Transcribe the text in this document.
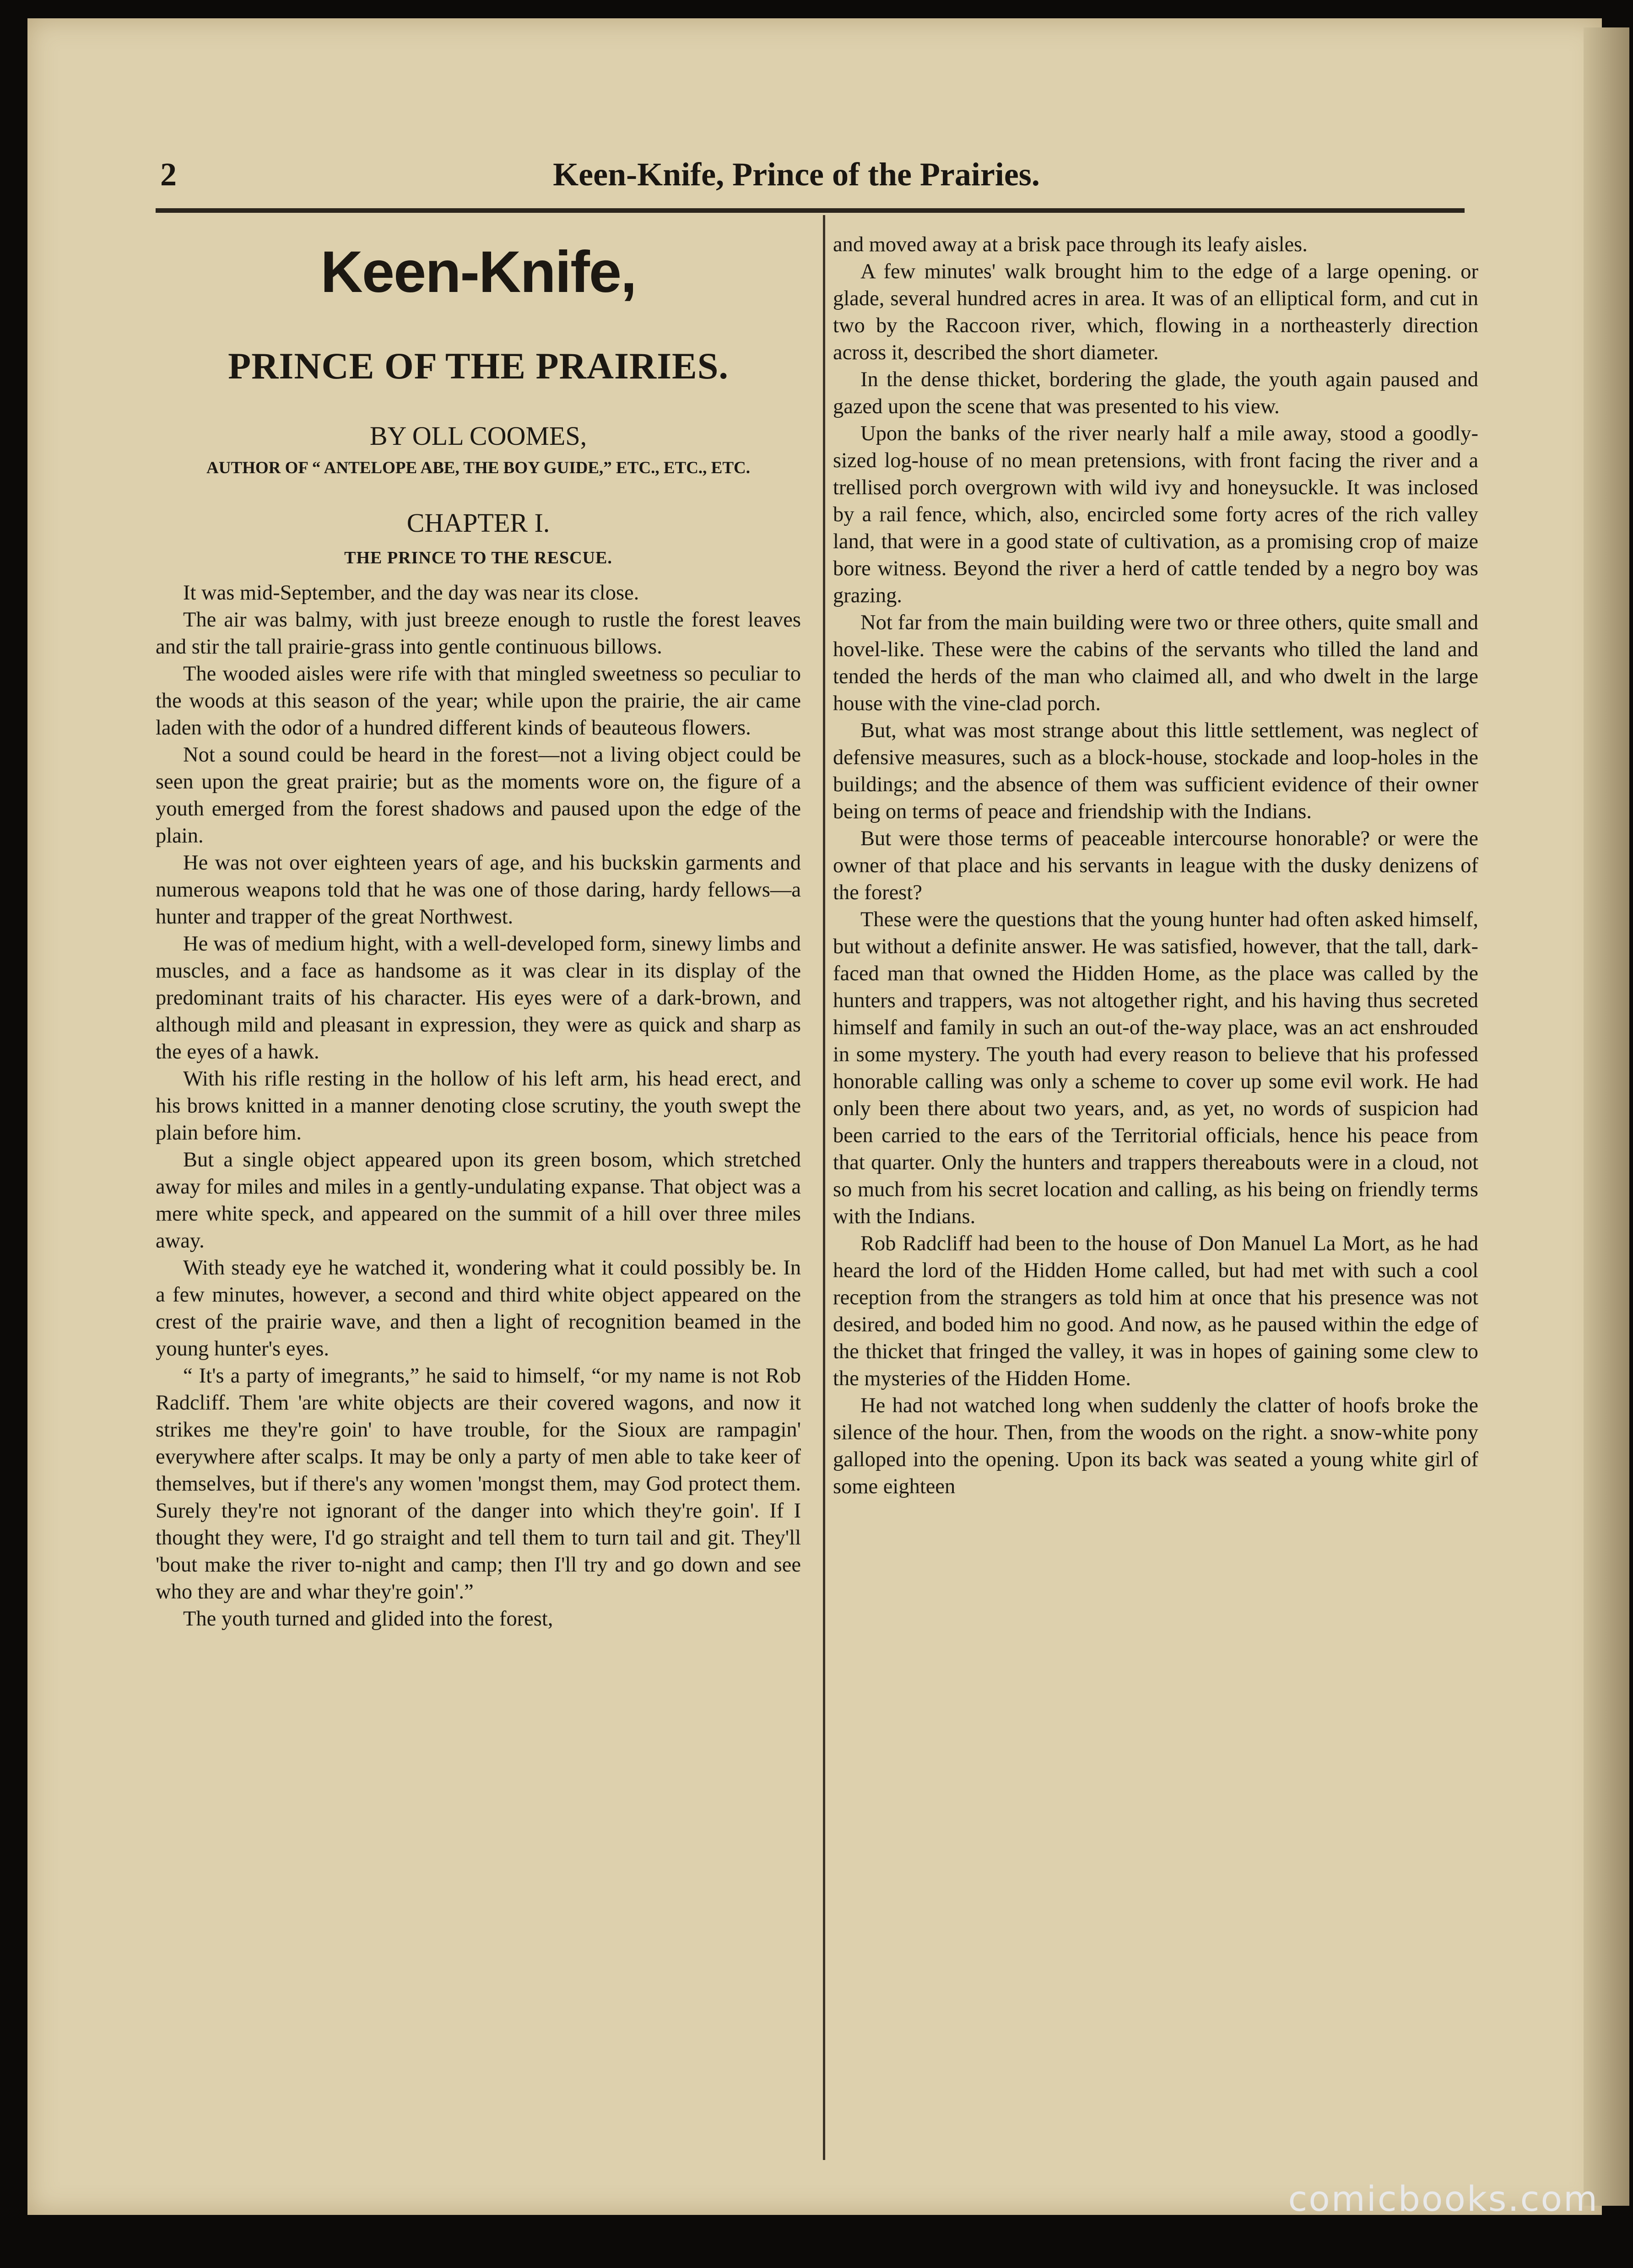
2	Keen-Knife, Prince of the Prairies.
Keen-Knife,
PRINCE OF THE PRAIRIES.
BY OLL COOMES,
AUTHOR OF “ ANTELOPE ABE, THE BOY GUIDE,” ETC., ETC., ETC.
CHAPTER I.
THE PRINCE TO THE RESCUE.

It was mid-September, and the day was near its close.

The air was balmy, with just breeze enough to rustle the forest leaves and stir the tall prairie-grass into gentle continuous billows.

The wooded aisles were rife with that mingled sweetness so peculiar to the woods at this season of the year; while upon the prairie, the air came laden with the odor of a hundred different kinds of beauteous flowers.

Not a sound could be heard in the forest—not a living object could be seen upon the great prairie; but as the moments wore on, the figure of a youth emerged from the forest shadows and paused upon the edge of the plain.

He was not over eighteen years of age, and his buckskin garments and numerous weapons told that he was one of those daring, hardy fellows—a hunter and trapper of the great Northwest.

He was of medium hight, with a well-developed form, sinewy limbs and muscles, and a face as handsome as it was clear in its display of the predominant traits of his character. His eyes were of a dark-brown, and although mild and pleasant in expression, they were as quick and sharp as the eyes of a hawk.

With his rifle resting in the hollow of his left arm, his head erect, and his brows knitted in a manner denoting close scrutiny, the youth swept the plain before him.

But a single object appeared upon its green bosom, which stretched away for miles and miles in a gently-undulating expanse. That object was a mere white speck, and appeared on the summit of a hill over three miles away.

With steady eye he watched it, wondering what it could possibly be. In a few minutes, however, a second and third white object appeared on the crest of the prairie wave, and then a light of recognition beamed in the young hunter's eyes.

“ It's a party of imegrants,” he said to himself, “or my name is not Rob Radcliff. Them 'are white objects are their covered wagons, and now it strikes me they're goin' to have trouble, for the Sioux are rampagin' everywhere after scalps. It may be only a party of men able to take keer of themselves, but if there's any women 'mongst them, may God protect them. Surely they're not ignorant of the danger into which they're goin'. If I thought they were, I'd go straight and tell them to turn tail and git. They'll 'bout make the river to-night and camp; then I'll try and go down and see who they are and whar they're goin'.”

The youth turned and glided into the forest,

and moved away at a brisk pace through its leafy aisles.

A few minutes' walk brought him to the edge of a large opening. or glade, several hundred acres in area. It was of an elliptical form, and cut in two by the Raccoon river, which, flowing in a northeasterly direction across it, described the short diameter.

In the dense thicket, bordering the glade, the youth again paused and gazed upon the scene that was presented to his view.

Upon the banks of the river nearly half a mile away, stood a goodly-sized log-house of no mean pretensions, with front facing the river and a trellised porch overgrown with wild ivy and honeysuckle. It was inclosed by a rail fence, which, also, encircled some forty acres of the rich valley land, that were in a good state of cultivation, as a promising crop of maize bore witness. Beyond the river a herd of cattle tended by a negro boy was grazing.

Not far from the main building were two or three others, quite small and hovel-like. These were the cabins of the servants who tilled the land and tended the herds of the man who claimed all, and who dwelt in the large house with the vine-clad porch.

But, what was most strange about this little settlement, was neglect of defensive measures, such as a block-house, stockade and loop-holes in the buildings; and the absence of them was sufficient evidence of their owner being on terms of peace and friendship with the Indians.

But were those terms of peaceable intercourse honorable? or were the owner of that place and his servants in league with the dusky denizens of the forest?

These were the questions that the young hunter had often asked himself, but without a definite answer. He was satisfied, however, that the tall, dark-faced man that owned the Hidden Home, as the place was called by the hunters and trappers, was not altogether right, and his having thus secreted himself and family in such an out-of the-way place, was an act enshrouded in some mystery. The youth had every reason to believe that his professed honorable calling was only a scheme to cover up some evil work. He had only been there about two years, and, as yet, no words of suspicion had been carried to the ears of the Territorial officials, hence his peace from that quarter. Only the hunters and trappers thereabouts were in a cloud, not so much from his secret location and calling, as his being on friendly terms with the Indians.

Rob Radcliff had been to the house of Don Manuel La Mort, as he had heard the lord of the Hidden Home called, but had met with such a cool reception from the strangers as told him at once that his presence was not desired, and boded him no good. And now, as he paused within the edge of the thicket that fringed the valley, it was in hopes of gaining some clew to the mysteries of the Hidden Home.

He had not watched long when suddenly the clatter of hoofs broke the silence of the hour. Then, from the woods on the right. a snow-white pony galloped into the opening. Upon its back was seated a young white girl of some eighteen

comicbooks.com
